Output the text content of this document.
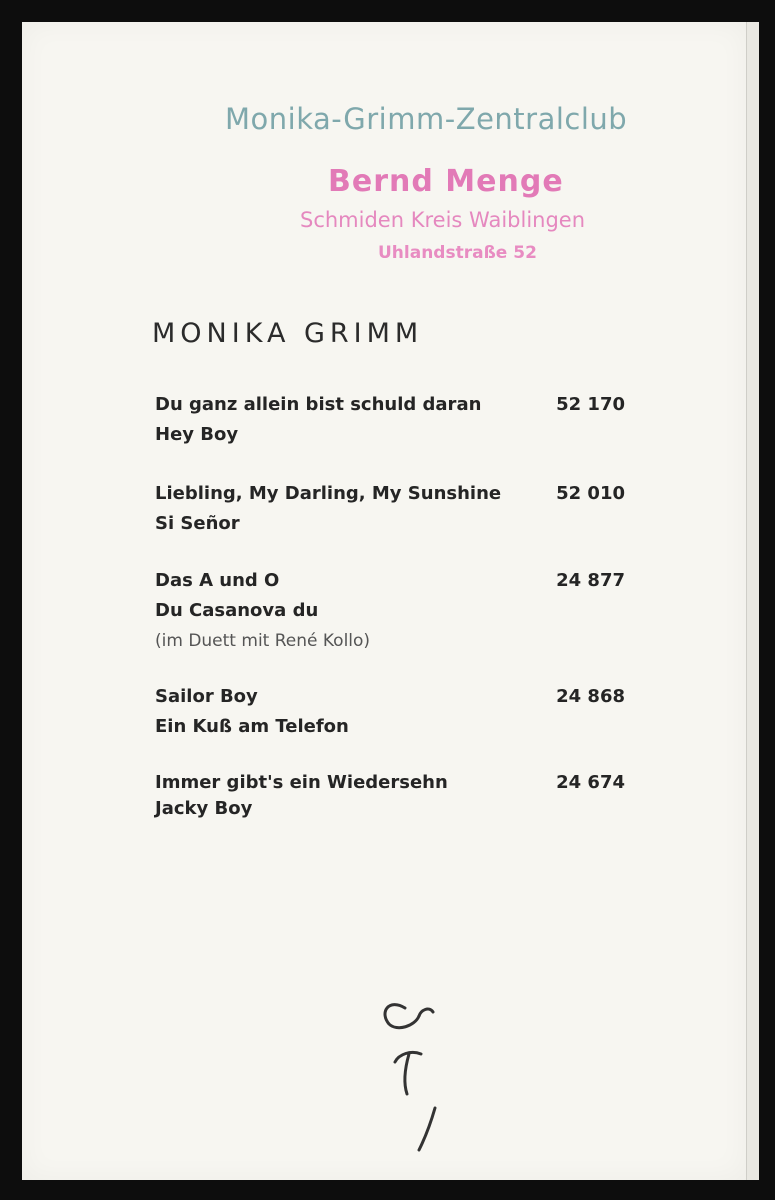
Monika-Grimm-Zentralclub
Bernd Menge
Schmiden Kreis Waiblingen
Uhlandstraße 52
MONIKA GRIMM
Du ganz allein bist schuld daran
Hey Boy
52 170
Liebling, My Darling, My Sunshine
Si Señor
52 010
Das A und O
Du Casanova du
(im Duett mit René Kollo)
24 877
Sailor Boy
Ein Kuß am Telefon
24 868
Immer gibt's ein Wiedersehn
Jacky Boy
24 674
